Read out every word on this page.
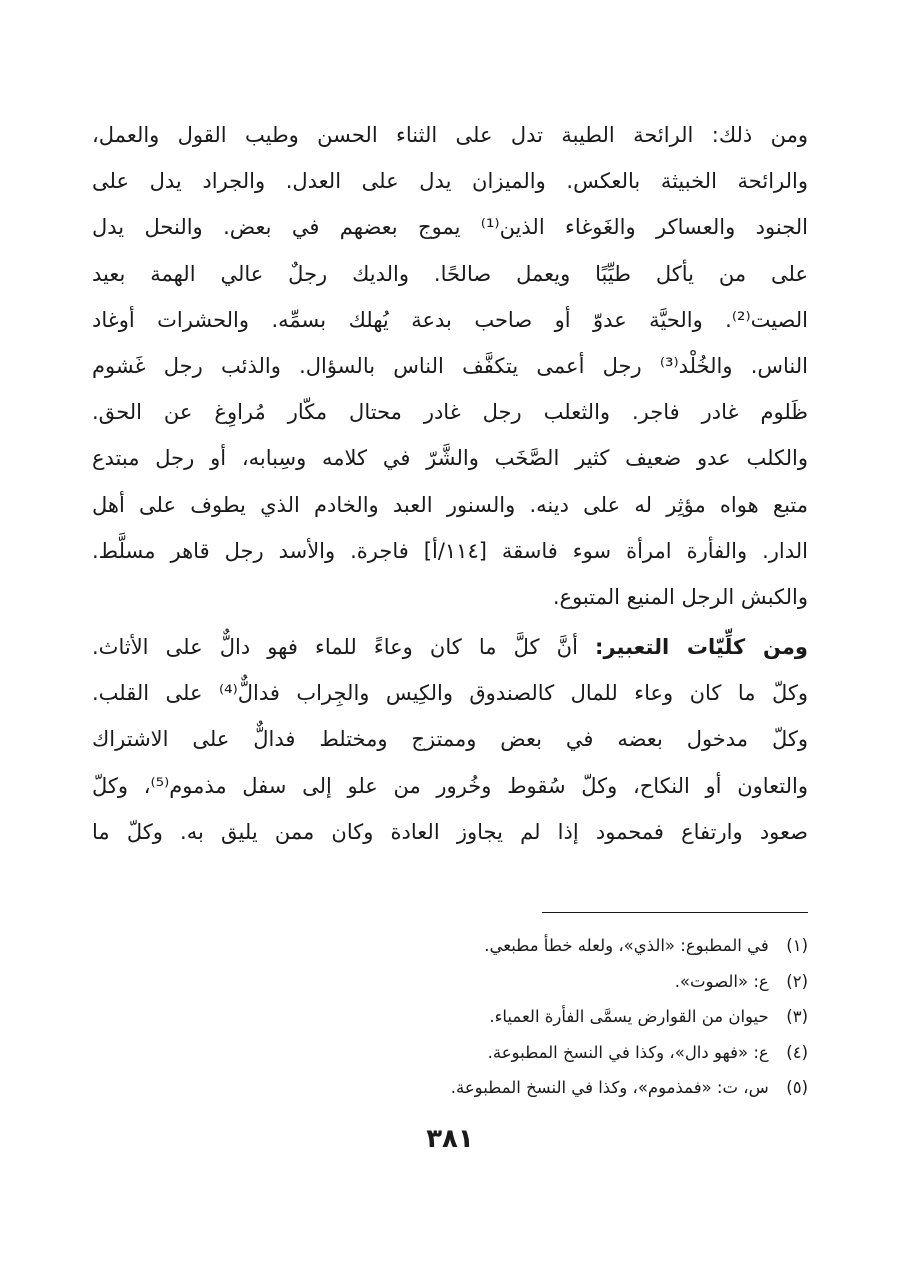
ومن ذلك: الرائحة الطيبة تدل على الثناء الحسن وطيب القول والعمل،
والرائحة الخبيثة بالعكس. والميزان يدل على العدل. والجراد يدل على
الجنود والعساكر والغَوغاء الذين⁽¹⁾ يموج بعضهم في بعض. والنحل يدل
على من يأكل طيِّبًا ويعمل صالحًا. والديك رجلٌ عالي الهمة بعيد
الصيت⁽²⁾. والحيَّة عدوّ أو صاحب بدعة يُهلك بسمِّه. والحشرات أوغاد
الناس. والخُلْد⁽³⁾ رجل أعمى يتكفَّف الناس بالسؤال. والذئب رجل غَشوم
ظَلوم غادر فاجر. والثعلب رجل غادر محتال مكّار مُراوِغ عن الحق.
والكلب عدو ضعيف كثير الصَّخَب والشَّرّ في كلامه وسِبابه، أو رجل مبتدع
متبع هواه مؤثِر له على دينه. والسنور العبد والخادم الذي يطوف على أهل
الدار. والفأرة امرأة سوء فاسقة [١١٤/أ] فاجرة. والأسد رجل قاهر مسلَّط.
والكبش الرجل المنيع المتبوع.
ومن كلِّيّات التعبير: أنَّ كلَّ ما كان وعاءً للماء فهو دالٌّ على الأثاث.
وكلّ ما كان وعاء للمال كالصندوق والكِيس والجِراب فدالٌّ⁽⁴⁾ على القلب.
وكلّ مدخول بعضه في بعض وممتزج ومختلط فدالٌّ على الاشتراك
والتعاون أو النكاح، وكلّ سُقوط وخُرور من علو إلى سفل مذموم⁽⁵⁾، وكلّ
صعود وارتفاع فمحمود إذا لم يجاوز العادة وكان ممن يليق به. وكلّ ما
(١) في المطبوع: «الذي»، ولعله خطأ مطبعي.
(٢) ع: «الصوت».
(٣) حيوان من القوارض يسمَّى الفأرة العمياء.
(٤) ع: «فهو دال»، وكذا في النسخ المطبوعة.
(٥) س، ت: «فمذموم»، وكذا في النسخ المطبوعة.
٣٨١
